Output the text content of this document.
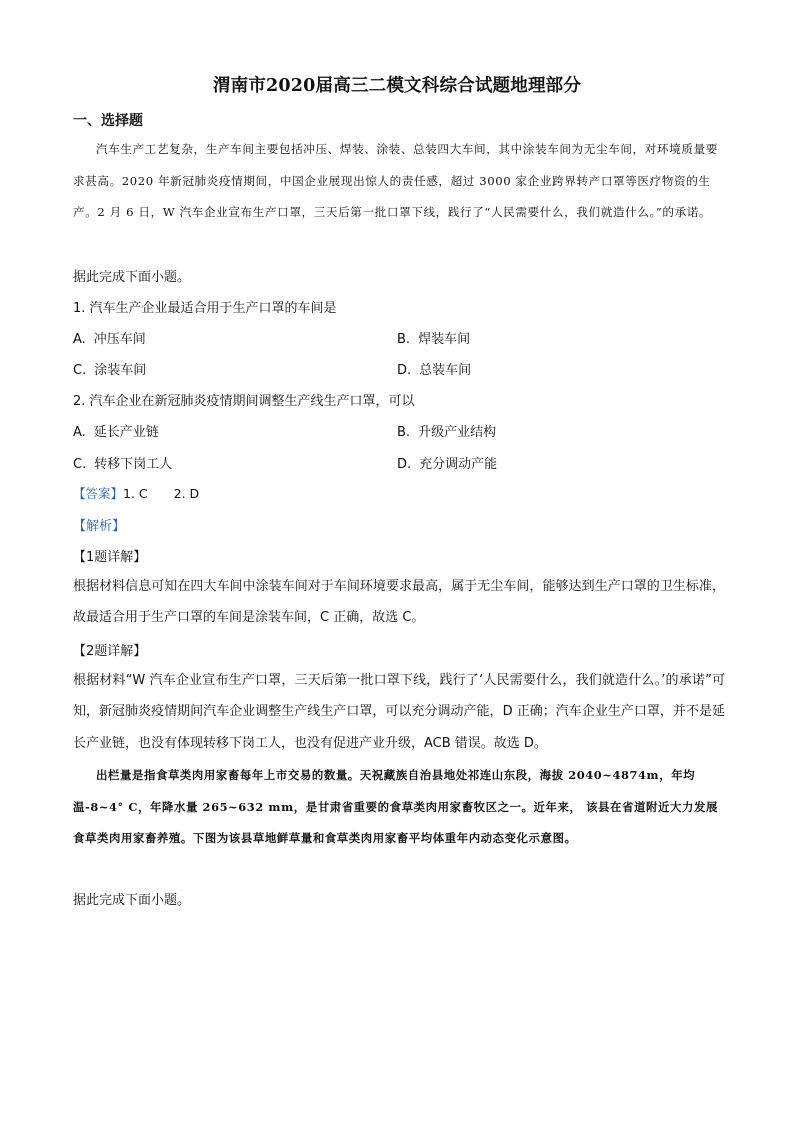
渭南市2020届高三二模文科综合试题地理部分
一、选择题
汽车生产工艺复杂，生产车间主要包括冲压、焊装、涂装、总装四大车间，其中涂装车间为无尘车间，对环境质量要求甚高。2020 年新冠肺炎疫情期间，中国企业展现出惊人的责任感，超过 3000 家企业跨界转产口罩等医疗物资的生产。2 月 6 日，W 汽车企业宣布生产口罩，三天后第一批口罩下线，践行了“人民需要什么，我们就造什么。”的承诺。
据此完成下面小题。
1. 汽车生产企业最适合用于生产口罩的车间是
A. 冲压车间	B. 焊装车间
C. 涂装车间	D. 总装车间
2. 汽车企业在新冠肺炎疫情期间调整生产线生产口罩，可以
A. 延长产业链	B. 升级产业结构
C. 转移下岗工人	D. 充分调动产能
【答案】1. C 2. D
【解析】
【1题详解】
根据材料信息可知在四大车间中涂装车间对于车间环境要求最高，属于无尘车间，能够达到生产口罩的卫生标准，故最适合用于生产口罩的车间是涂装车间，C 正确，故选 C。
【2题详解】
根据材料“W 汽车企业宣布生产口罩，三天后第一批口罩下线，践行了‘人民需要什么，我们就造什么。’的承诺”可知，新冠肺炎疫情期间汽车企业调整生产线生产口罩，可以充分调动产能，D 正确；汽车企业生产口罩，并不是延长产业链，也没有体现转移下岗工人，也没有促进产业升级，ACB 错误。故选 D。
出栏量是指食草类肉用家畜每年上市交易的数量。天祝藏族自治县地处祁连山东段，海拔 2040~4874m，年均温-8~4° C，年降水量 265~632 mm，是甘肃省重要的食草类肉用家畜牧区之一。近年来， 该县在省道附近大力发展食草类肉用家畜养殖。下图为该县草地鲜草量和食草类肉用家畜平均体重年内动态变化示意图。
据此完成下面小题。
